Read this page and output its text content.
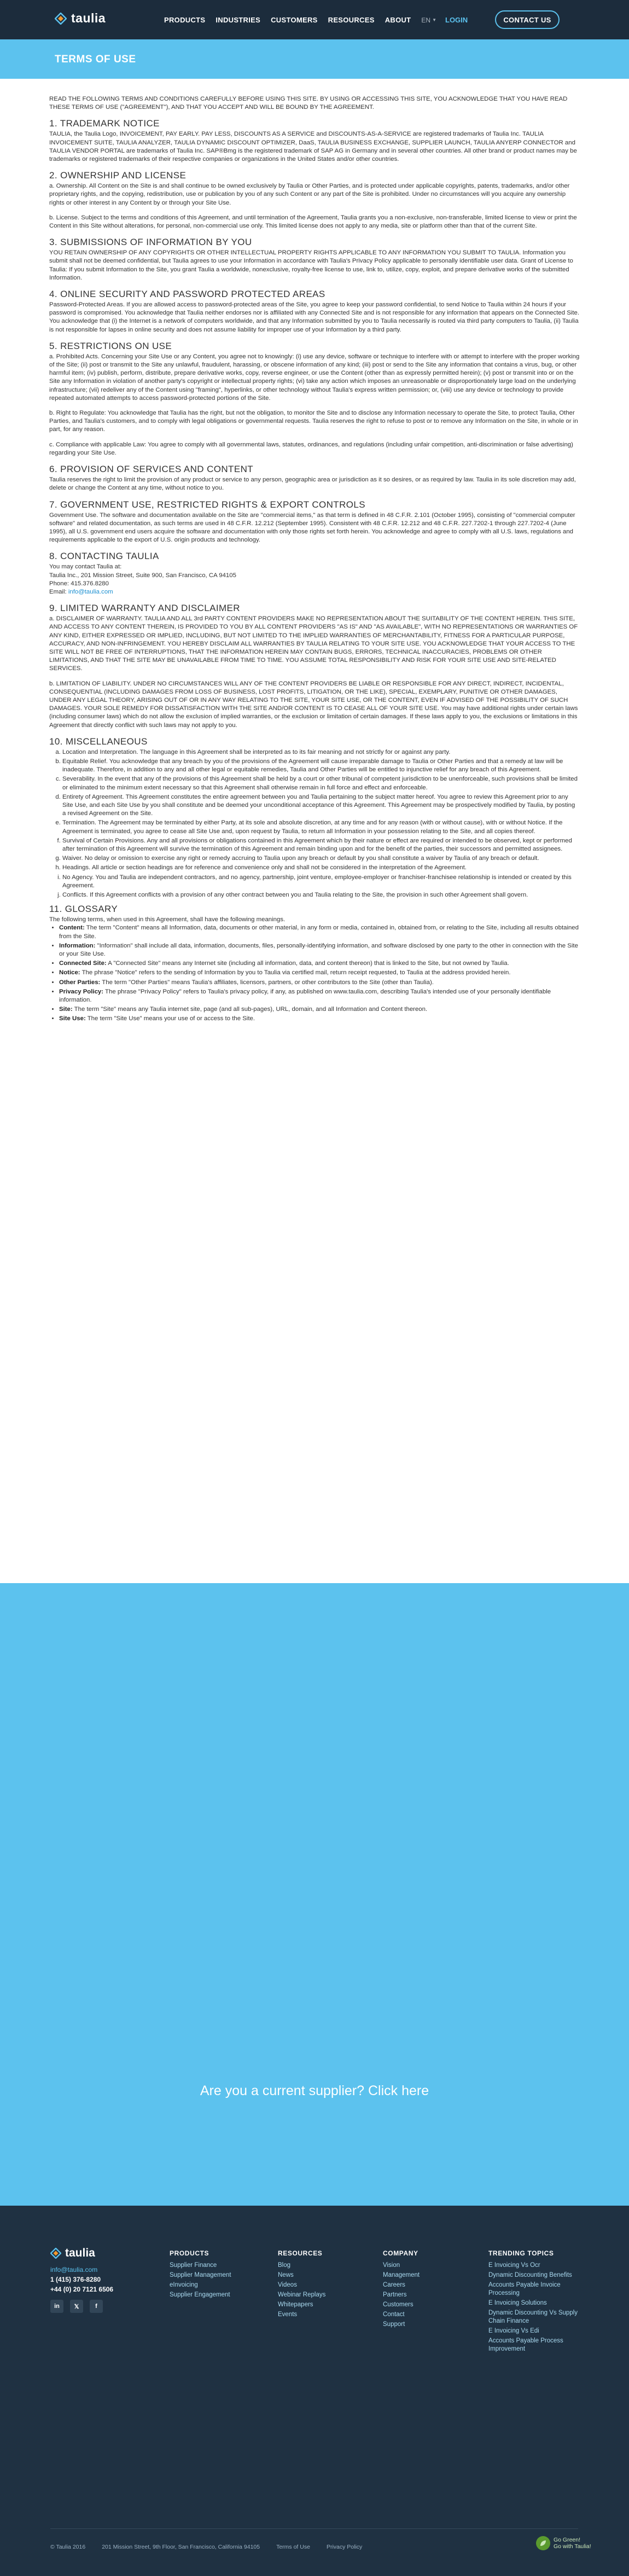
taulia	PRODUCTS INDUSTRIES CUSTOMERS RESOURCES ABOUT EN ▼ LOGIN	CONTACT US
TERMS OF USE

READ THE FOLLOWING TERMS AND CONDITIONS CAREFULLY BEFORE USING THIS SITE. BY USING OR ACCESSING THIS SITE, YOU ACKNOWLEDGE THAT YOU HAVE READ THESE TERMS OF USE ("AGREEMENT"), AND THAT YOU ACCEPT AND WILL BE BOUND BY THE AGREEMENT.

1. TRADEMARK NOTICE

TAULIA, the Taulia Logo, INVOICEMENT, PAY EARLY. PAY LESS, DISCOUNTS AS A SERVICE and DISCOUNTS-AS-A-SERVICE are registered trademarks of Taulia Inc. TAULIA INVOICEMENT SUITE, TAULIA ANALYZER, TAULIA DYNAMIC DISCOUNT OPTIMIZER, DaaS, TAULIA BUSINESS EXCHANGE, SUPPLIER LAUNCH, TAULIA ANYERP CONNECTOR and TAULIA VENDOR PORTAL are trademarks of Taulia Inc. SAP®Bmg is the registered trademark of SAP AG in Germany and in several other countries. All other brand or product names may be trademarks or registered trademarks of their respective companies or organizations in the United States and/or other countries.

2. OWNERSHIP AND LICENSE

a. Ownership. All Content on the Site is and shall continue to be owned exclusively by Taulia or Other Parties, and is protected under applicable copyrights, patents, trademarks, and/or other proprietary rights, and the copying, redistribution, use or publication by you of any such Content or any part of the Site is prohibited. Under no circumstances will you acquire any ownership rights or other interest in any Content by or through your Site Use.

b. License. Subject to the terms and conditions of this Agreement, and until termination of the Agreement, Taulia grants you a non-exclusive, non-transferable, limited license to view or print the Content in this Site without alterations, for personal, non-commercial use only. This limited license does not apply to any media, site or platform other than that of the current Site.

3. SUBMISSIONS OF INFORMATION BY YOU

YOU RETAIN OWNERSHIP OF ANY COPYRIGHTS OR OTHER INTELLECTUAL PROPERTY RIGHTS APPLICABLE TO ANY INFORMATION YOU SUBMIT TO TAULIA. Information you submit shall not be deemed confidential, but Taulia agrees to use your Information in accordance with Taulia's Privacy Policy applicable to personally identifiable user data. Grant of License to Taulia: If you submit Information to the Site, you grant Taulia a worldwide, nonexclusive, royalty-free license to use, link to, utilize, copy, exploit, and prepare derivative works of the submitted Information.

4. ONLINE SECURITY AND PASSWORD PROTECTED AREAS

Password-Protected Areas. If you are allowed access to password-protected areas of the Site, you agree to keep your password confidential, to send Notice to Taulia within 24 hours if your password is compromised. You acknowledge that Taulia neither endorses nor is affiliated with any Connected Site and is not responsible for any information that appears on the Connected Site. You acknowledge that (i) the Internet is a network of computers worldwide, and that any Information submitted by you to Taulia necessarily is routed via third party computers to Taulia, (ii) Taulia is not responsible for lapses in online security and does not assume liability for improper use of your Information by a third party.

5. RESTRICTIONS ON USE

a. Prohibited Acts. Concerning your Site Use or any Content, you agree not to knowingly: (i) use any device, software or technique to interfere with or attempt to interfere with the proper working of the Site; (ii) post or transmit to the Site any unlawful, fraudulent, harassing, or obscene information of any kind; (iii) post or send to the Site any information that contains a virus, bug, or other harmful item; (iv) publish, perform, distribute, prepare derivative works, copy, reverse engineer, or use the Content (other than as expressly permitted herein); (v) post or transmit into or on the Site any Information in violation of another party's copyright or intellectual property rights; (vi) take any action which imposes an unreasonable or disproportionately large load on the underlying infrastructure; (vii) redeliver any of the Content using "framing", hyperlinks, or other technology without Taulia's express written permission; or, (viii) use any device or technology to provide repeated automated attempts to access password-protected portions of the Site.

b. Right to Regulate: You acknowledge that Taulia has the right, but not the obligation, to monitor the Site and to disclose any Information necessary to operate the Site, to protect Taulia, Other Parties, and Taulia's customers, and to comply with legal obligations or governmental requests. Taulia reserves the right to refuse to post or to remove any Information on the Site, in whole or in part, for any reason.

c. Compliance with applicable Law: You agree to comply with all governmental laws, statutes, ordinances, and regulations (including unfair competition, anti-discrimination or false advertising) regarding your Site Use.

6. PROVISION OF SERVICES AND CONTENT

Taulia reserves the right to limit the provision of any product or service to any person, geographic area or jurisdiction as it so desires, or as required by law. Taulia in its sole discretion may add, delete or change the Content at any time, without notice to you.

7. GOVERNMENT USE, RESTRICTED RIGHTS & EXPORT CONTROLS

Government Use. The software and documentation available on the Site are "commercial items," as that term is defined in 48 C.F.R. 2.101 (October 1995), consisting of "commercial computer software" and related documentation, as such terms are used in 48 C.F.R. 12.212 (September 1995). Consistent with 48 C.F.R. 12.212 and 48 C.F.R. 227.7202-1 through 227.7202-4 (June 1995), all U.S. government end users acquire the software and documentation with only those rights set forth herein. You acknowledge and agree to comply with all U.S. laws, regulations and requirements applicable to the export of U.S. origin products and technology.

8. CONTACTING TAULIA

You may contact Taulia at:

Taulia Inc., 201 Mission Street, Suite 900, San Francisco, CA 94105

Phone: 415.376.8280

Email: info@taulia.com

9. LIMITED WARRANTY AND DISCLAIMER

a. DISCLAIMER OF WARRANTY. TAULIA AND ALL 3rd PARTY CONTENT PROVIDERS MAKE NO REPRESENTATION ABOUT THE SUITABILITY OF THE CONTENT HEREIN. THIS SITE, AND ACCESS TO ANY CONTENT THEREIN, IS PROVIDED TO YOU BY ALL CONTENT PROVIDERS "AS IS" AND "AS AVAILABLE", WITH NO REPRESENTATIONS OR WARRANTIES OF ANY KIND, EITHER EXPRESSED OR IMPLIED, INCLUDING, BUT NOT LIMITED TO THE IMPLIED WARRANTIES OF MERCHANTABILITY, FITNESS FOR A PARTICULAR PURPOSE, ACCURACY, AND NON-INFRINGEMENT. YOU HEREBY DISCLAIM ALL WARRANTIES BY TAULIA RELATING TO YOUR SITE USE. YOU ACKNOWLEDGE THAT YOUR ACCESS TO THE SITE WILL NOT BE FREE OF INTERRUPTIONS, THAT THE INFORMATION HEREIN MAY CONTAIN BUGS, ERRORS, TECHNICAL INACCURACIES, PROBLEMS OR OTHER LIMITATIONS, AND THAT THE SITE MAY BE UNAVAILABLE FROM TIME TO TIME. YOU ASSUME TOTAL RESPONSIBILITY AND RISK FOR YOUR SITE USE AND SITE-RELATED SERVICES.

b. LIMITATION OF LIABILITY. UNDER NO CIRCUMSTANCES WILL ANY OF THE CONTENT PROVIDERS BE LIABLE OR RESPONSIBLE FOR ANY DIRECT, INDIRECT, INCIDENTAL, CONSEQUENTIAL (INCLUDING DAMAGES FROM LOSS OF BUSINESS, LOST PROFITS, LITIGATION, OR THE LIKE), SPECIAL, EXEMPLARY, PUNITIVE OR OTHER DAMAGES, UNDER ANY LEGAL THEORY, ARISING OUT OF OR IN ANY WAY RELATING TO THE SITE, YOUR SITE USE, OR THE CONTENT, EVEN IF ADVISED OF THE POSSIBILITY OF SUCH DAMAGES. YOUR SOLE REMEDY FOR DISSATISFACTION WITH THE SITE AND/OR CONTENT IS TO CEASE ALL OF YOUR SITE USE. You may have additional rights under certain laws (including consumer laws) which do not allow the exclusion of implied warranties, or the exclusion or limitation of certain damages. If these laws apply to you, the exclusions or limitations in this Agreement that directly conflict with such laws may not apply to you.

10. MISCELLANEOUS
a. Location and Interpretation. The language in this Agreement shall be interpreted as to its fair meaning and not strictly for or against any party.
b. Equitable Relief. You acknowledge that any breach by you of the provisions of the Agreement will cause irreparable damage to Taulia or Other Parties and that a remedy at law will be inadequate. Therefore, in addition to any and all other legal or equitable remedies, Taulia and Other Parties will be entitled to injunctive relief for any breach of this Agreement.
c. Severability. In the event that any of the provisions of this Agreement shall be held by a court or other tribunal of competent jurisdiction to be unenforceable, such provisions shall be limited or eliminated to the minimum extent necessary so that this Agreement shall otherwise remain in full force and effect and enforceable.
d. Entirety of Agreement. This Agreement constitutes the entire agreement between you and Taulia pertaining to the subject matter hereof. You agree to review this Agreement prior to any Site Use, and each Site Use by you shall constitute and be deemed your unconditional acceptance of this Agreement. This Agreement may be prospectively modified by Taulia, by posting a revised Agreement on the Site.
e. Termination. The Agreement may be terminated by either Party, at its sole and absolute discretion, at any time and for any reason (with or without cause), with or without Notice. If the Agreement is terminated, you agree to cease all Site Use and, upon request by Taulia, to return all Information in your possession relating to the Site, and all copies thereof.
f. Survival of Certain Provisions. Any and all provisions or obligations contained in this Agreement which by their nature or effect are required or intended to be observed, kept or performed after termination of this Agreement will survive the termination of this Agreement and remain binding upon and for the benefit of the parties, their successors and permitted assignees.
g. Waiver. No delay or omission to exercise any right or remedy accruing to Taulia upon any breach or default by you shall constitute a waiver by Taulia of any breach or default.
h. Headings. All article or section headings are for reference and convenience only and shall not be considered in the interpretation of the Agreement.
i. No Agency. You and Taulia are independent contractors, and no agency, partnership, joint venture, employee-employer or franchiser-franchisee relationship is intended or created by this Agreement.
j. Conflicts. If this Agreement conflicts with a provision of any other contract between you and Taulia relating to the Site, the provision in such other Agreement shall govern.
11. GLOSSARY

The following terms, when used in this Agreement, shall have the following meanings.

• Content: The term "Content" means all Information, data, documents or other material, in any form or media, contained in, obtained from, or relating to the Site, including all results obtained from the Site.
• Information: "Information" shall include all data, information, documents, files, personally-identifying information, and software disclosed by one party to the other in connection with the Site or your Site Use.
• Connected Site: A "Connected Site" means any Internet site (including all information, data, and content thereon) that is linked to the Site, but not owned by Taulia.
• Notice: The phrase "Notice" refers to the sending of Information by you to Taulia via certified mail, return receipt requested, to Taulia at the address provided herein.
• Other Parties: The term "Other Parties" means Taulia's affiliates, licensors, partners, or other contributors to the Site (other than Taulia).
• Privacy Policy: The phrase "Privacy Policy" refers to Taulia's privacy policy, if any, as published on www.taulia.com, describing Taulia's intended use of your personally identifiable information.
• Site: The term "Site" means any Taulia internet site, page (and all sub-pages), URL, domain, and all Information and Content thereon.
• Site Use: The term "Site Use" means your use of or access to the Site.
Are you a current supplier? Click here
taulia
info@taulia.com
1 (415) 376-8280
+44 (0) 20 7121 6506
in	𝕏	f
PRODUCTS
Supplier Finance
Supplier Management
eInvoicing
Supplier Engagement
RESOURCES
Blog
News
Videos
Webinar Replays
Whitepapers
Events
COMPANY
Vision
Management
Careers
Partners
Customers
Contact
Support
TRENDING TOPICS
E Invoicing Vs Ocr
Dynamic Discounting Benefits
Accounts Payable Invoice Processing
E Invoicing Solutions
Dynamic Discounting Vs Supply Chain Finance
E Invoicing Vs Edi
Accounts Payable Process Improvement
© Taulia 2016	201 Mission Street, 9th Floor, San Francisco, California 94105	Terms of Use	Privacy Policy
Go Green!
Go with Taulia!
